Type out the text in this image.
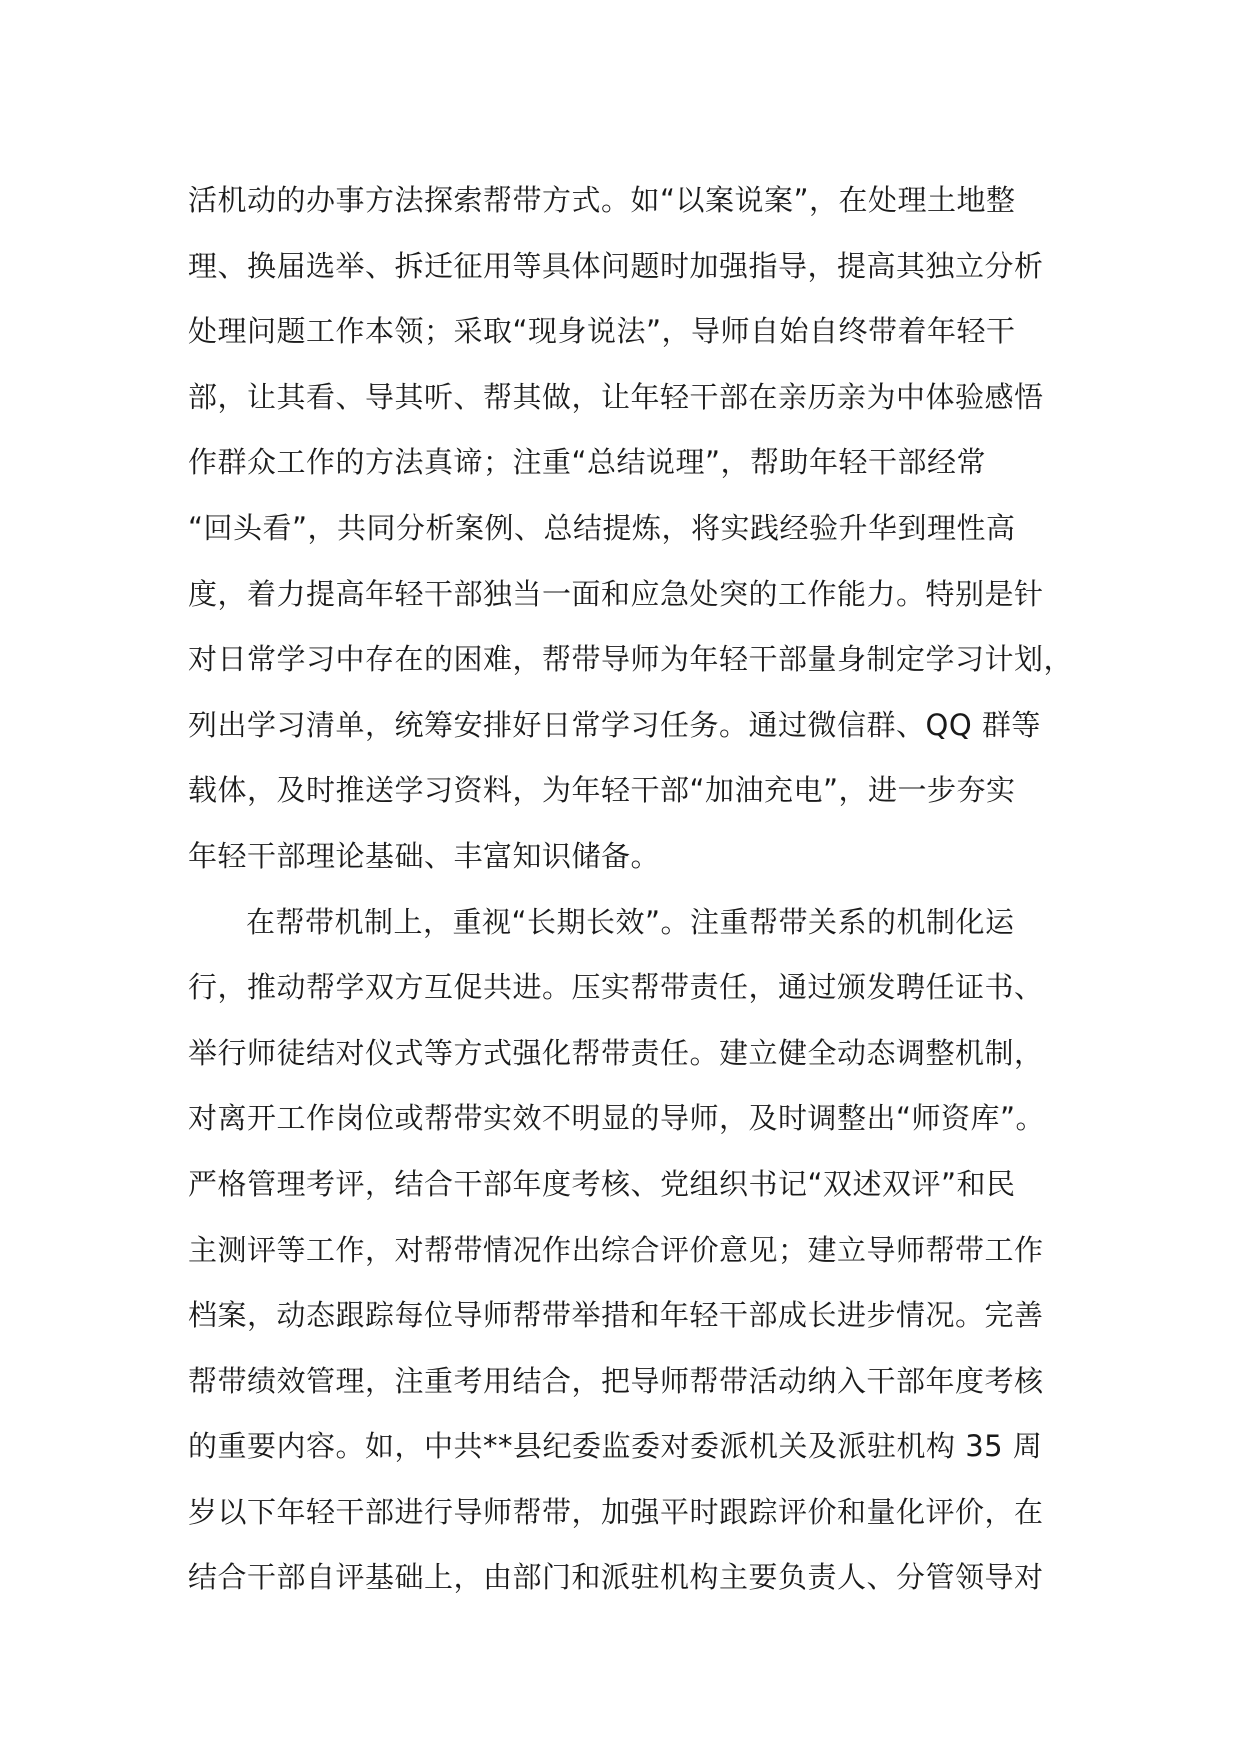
活机动的办事方法探索帮带方式。如“以案说案”，在处理土地整
理、换届选举、拆迁征用等具体问题时加强指导，提高其独立分析
处理问题工作本领；采取“现身说法”，导师自始自终带着年轻干
部，让其看、导其听、帮其做，让年轻干部在亲历亲为中体验感悟
作群众工作的方法真谛；注重“总结说理”，帮助年轻干部经常
“回头看”，共同分析案例、总结提炼，将实践经验升华到理性高
度，着力提高年轻干部独当一面和应急处突的工作能力。特别是针
对日常学习中存在的困难，帮带导师为年轻干部量身制定学习计划，
列出学习清单，统筹安排好日常学习任务。通过微信群、QQ 群等
载体，及时推送学习资料，为年轻干部“加油充电”，进一步夯实
年轻干部理论基础、丰富知识储备。
在帮带机制上，重视“长期长效”。注重帮带关系的机制化运
行，推动帮学双方互促共进。压实帮带责任，通过颁发聘任证书、
举行师徒结对仪式等方式强化帮带责任。建立健全动态调整机制，
对离开工作岗位或帮带实效不明显的导师，及时调整出“师资库”。
严格管理考评，结合干部年度考核、党组织书记“双述双评”和民
主测评等工作，对帮带情况作出综合评价意见；建立导师帮带工作
档案，动态跟踪每位导师帮带举措和年轻干部成长进步情况。完善
帮带绩效管理，注重考用结合，把导师帮带活动纳入干部年度考核
的重要内容。如，中共**县纪委监委对委派机关及派驻机构 35 周
岁以下年轻干部进行导师帮带，加强平时跟踪评价和量化评价，在
结合干部自评基础上，由部门和派驻机构主要负责人、分管领导对
